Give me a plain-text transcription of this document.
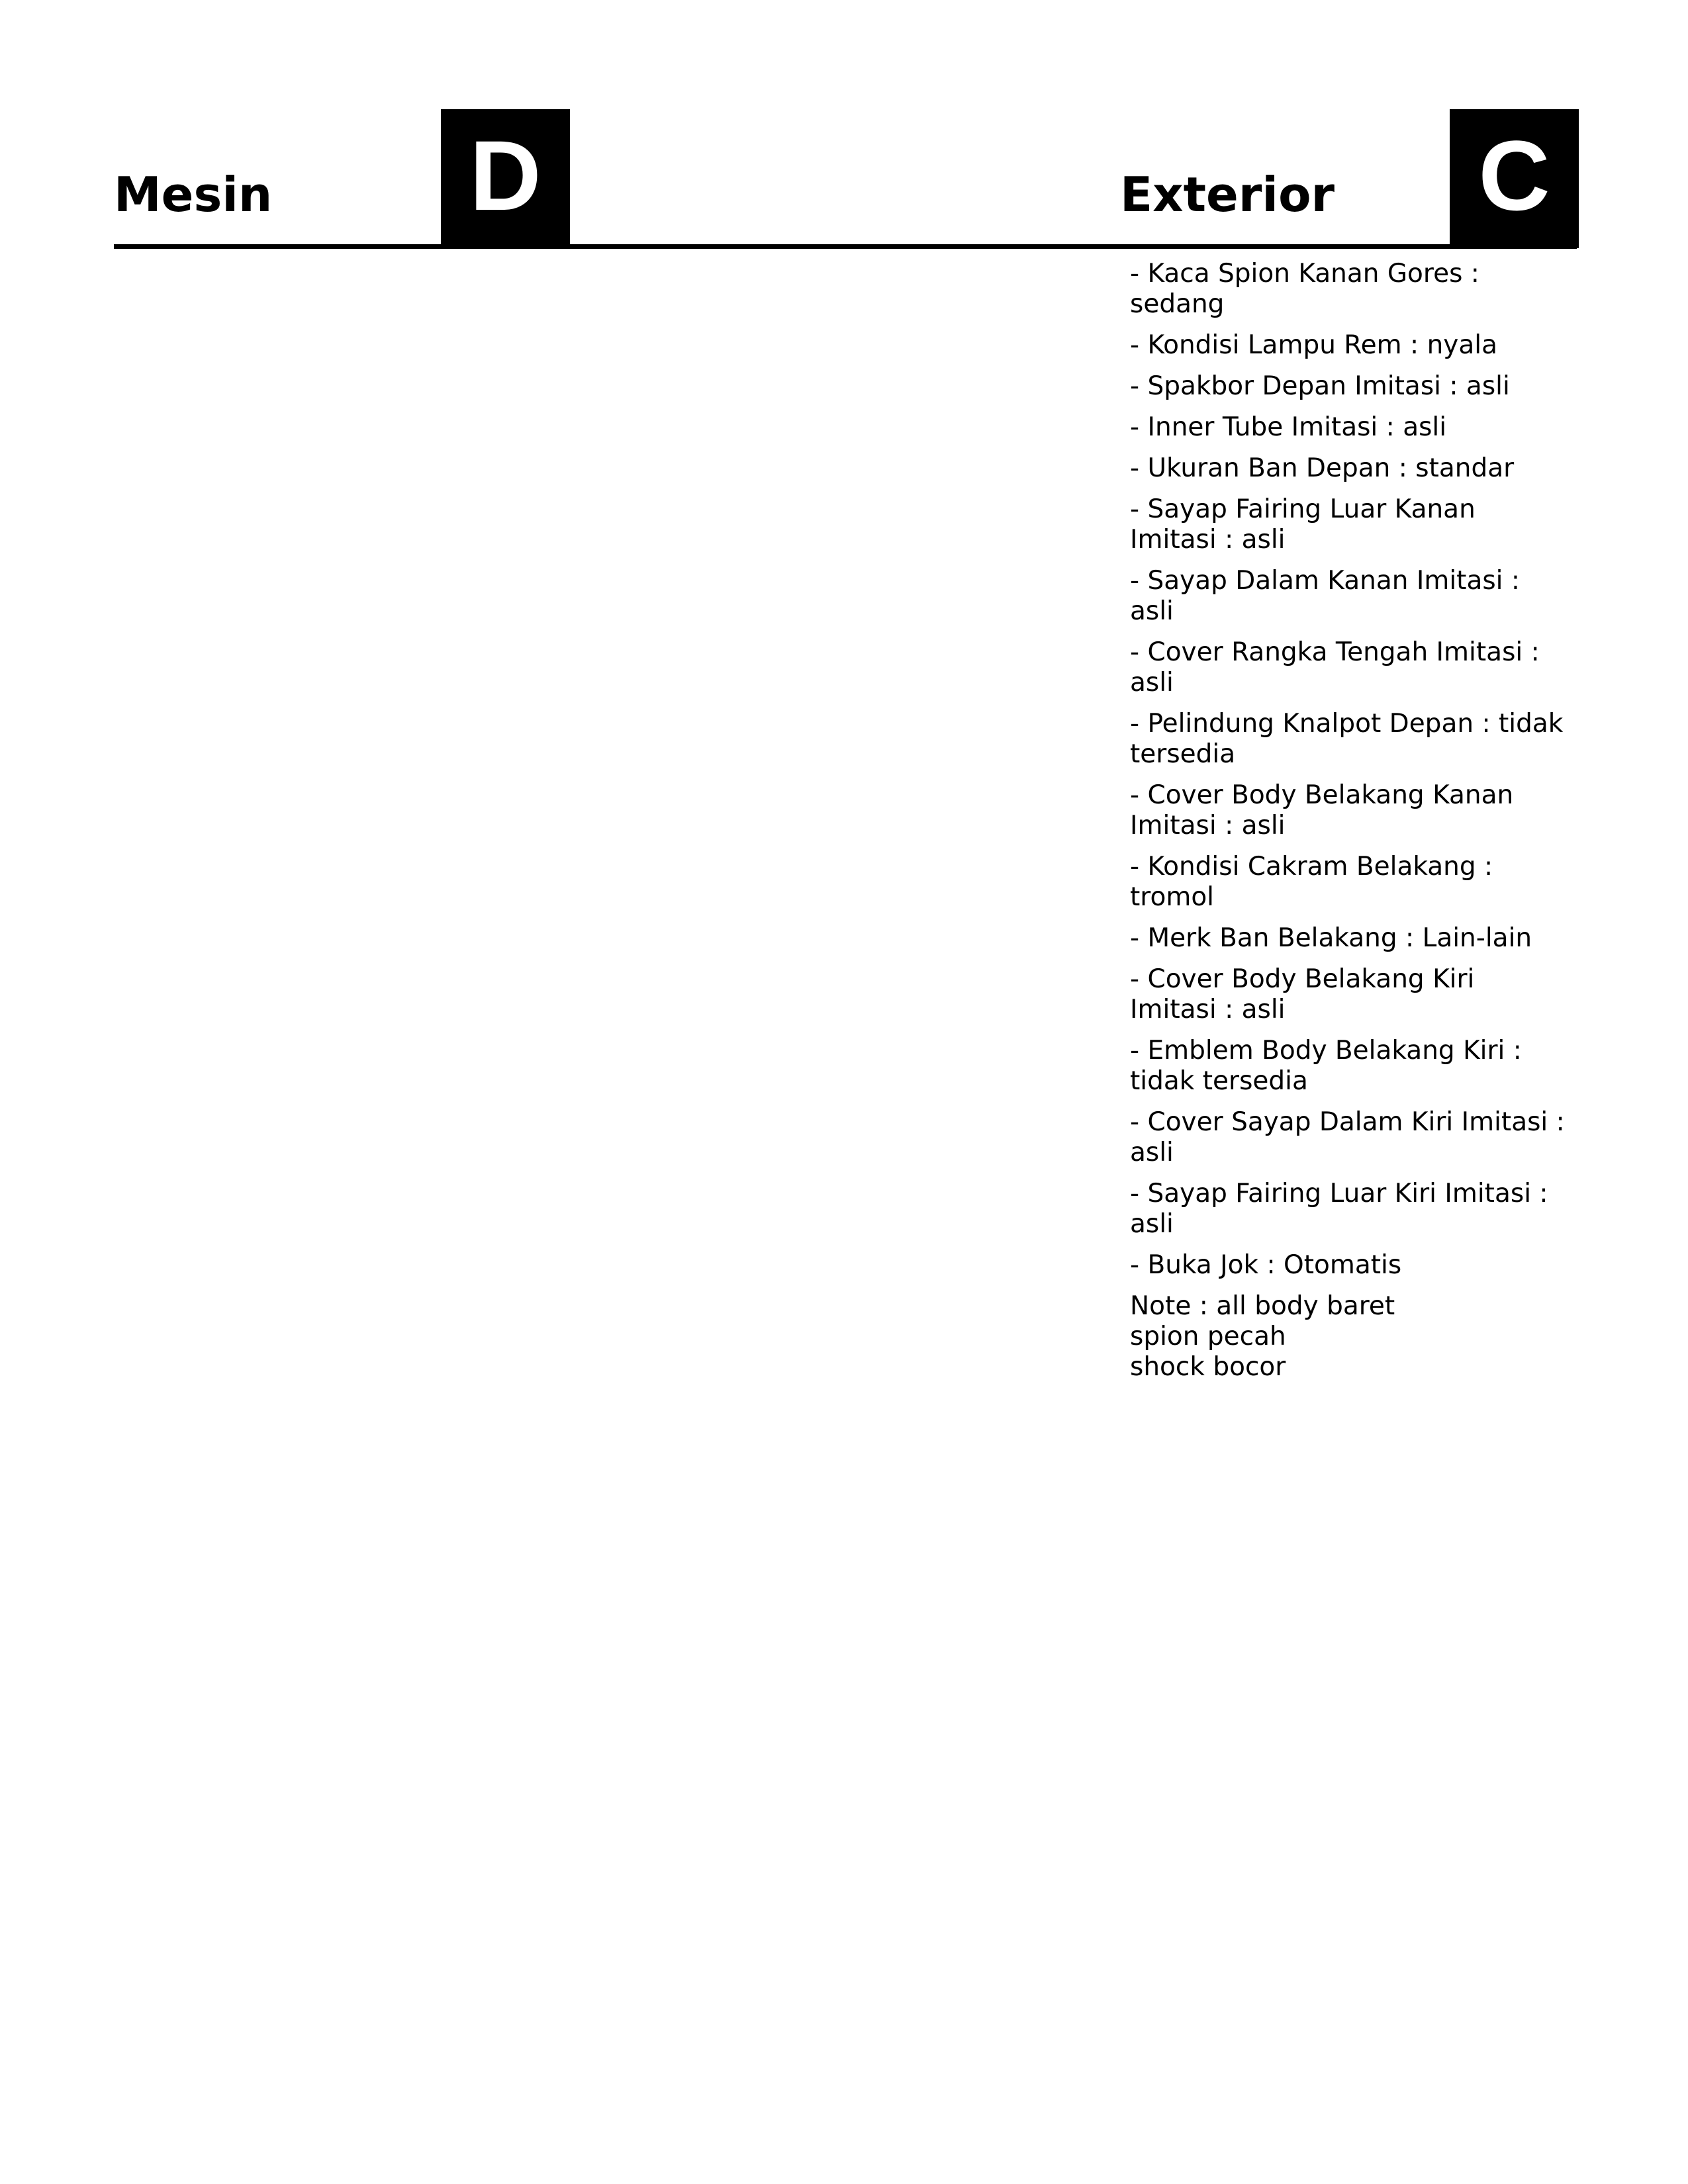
Mesin D	Exterior C
- Kaca Spion Kanan Gores : sedang
- Kondisi Lampu Rem : nyala
- Spakbor Depan Imitasi : asli
- Inner Tube Imitasi : asli
- Ukuran Ban Depan : standar
- Sayap Fairing Luar Kanan Imitasi : asli
- Sayap Dalam Kanan Imitasi : asli
- Cover Rangka Tengah Imitasi : asli
- Pelindung Knalpot Depan : tidak tersedia
- Cover Body Belakang Kanan Imitasi : asli
- Kondisi Cakram Belakang : tromol
- Merk Ban Belakang : Lain-lain
- Cover Body Belakang Kiri Imitasi : asli
- Emblem Body Belakang Kiri : tidak tersedia
- Cover Sayap Dalam Kiri Imitasi : asli
- Sayap Fairing Luar Kiri Imitasi : asli
- Buka Jok : Otomatis
Note : all body baret
spion pecah
shock bocor
